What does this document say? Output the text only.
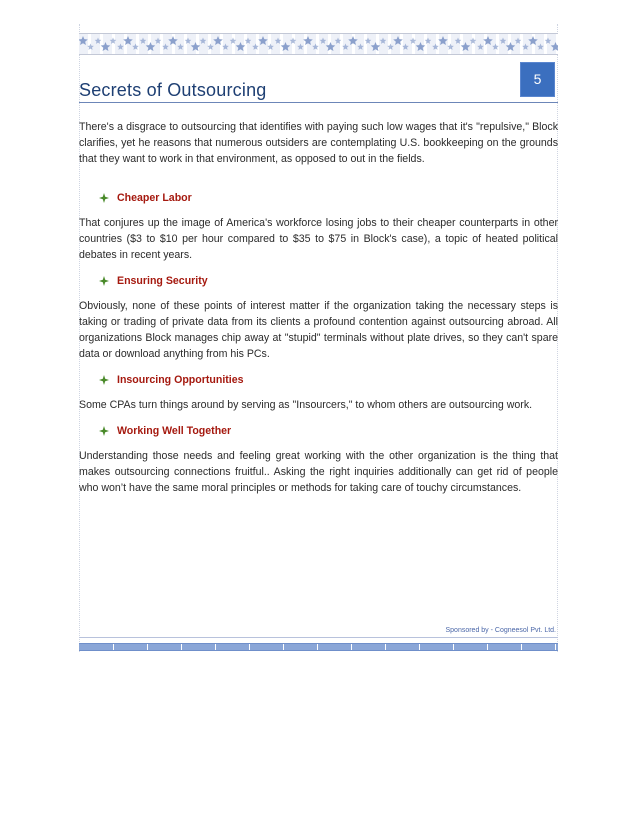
Secrets of Outsourcing
5

There's a disgrace to outsourcing that identifies with paying such low wages that it's "repulsive," Block clarifies, yet he reasons that numerous outsiders are contemplating U.S. bookkeeping on the grounds that they want to work in that environment, as opposed to out in the fields.

Cheaper Labor

That conjures up the image of America's workforce losing jobs to their cheaper counterparts in other countries ($3 to $10 per hour compared to $35 to $75 in Block's case), a topic of heated political debates in recent years.

Ensuring Security

Obviously, none of these points of interest matter if the organization taking the necessary steps is taking or trading of private data from its clients a profound contention against outsourcing abroad. All organizations Block manages chip away at "stupid" terminals without plate drives, so they can't spare data or download anything from his PCs.

Insourcing Opportunities

Some CPAs turn things around by serving as "Insourcers," to whom others are outsourcing work.

Working Well Together

Understanding those needs and feeling great working with the other organization is the thing that makes outsourcing connections fruitful.. Asking the right inquiries additionally can get rid of people who won’t have the same moral principles or methods for taking care of touchy circumstances.

Sponsored by - Cogneesol Pvt. Ltd.
